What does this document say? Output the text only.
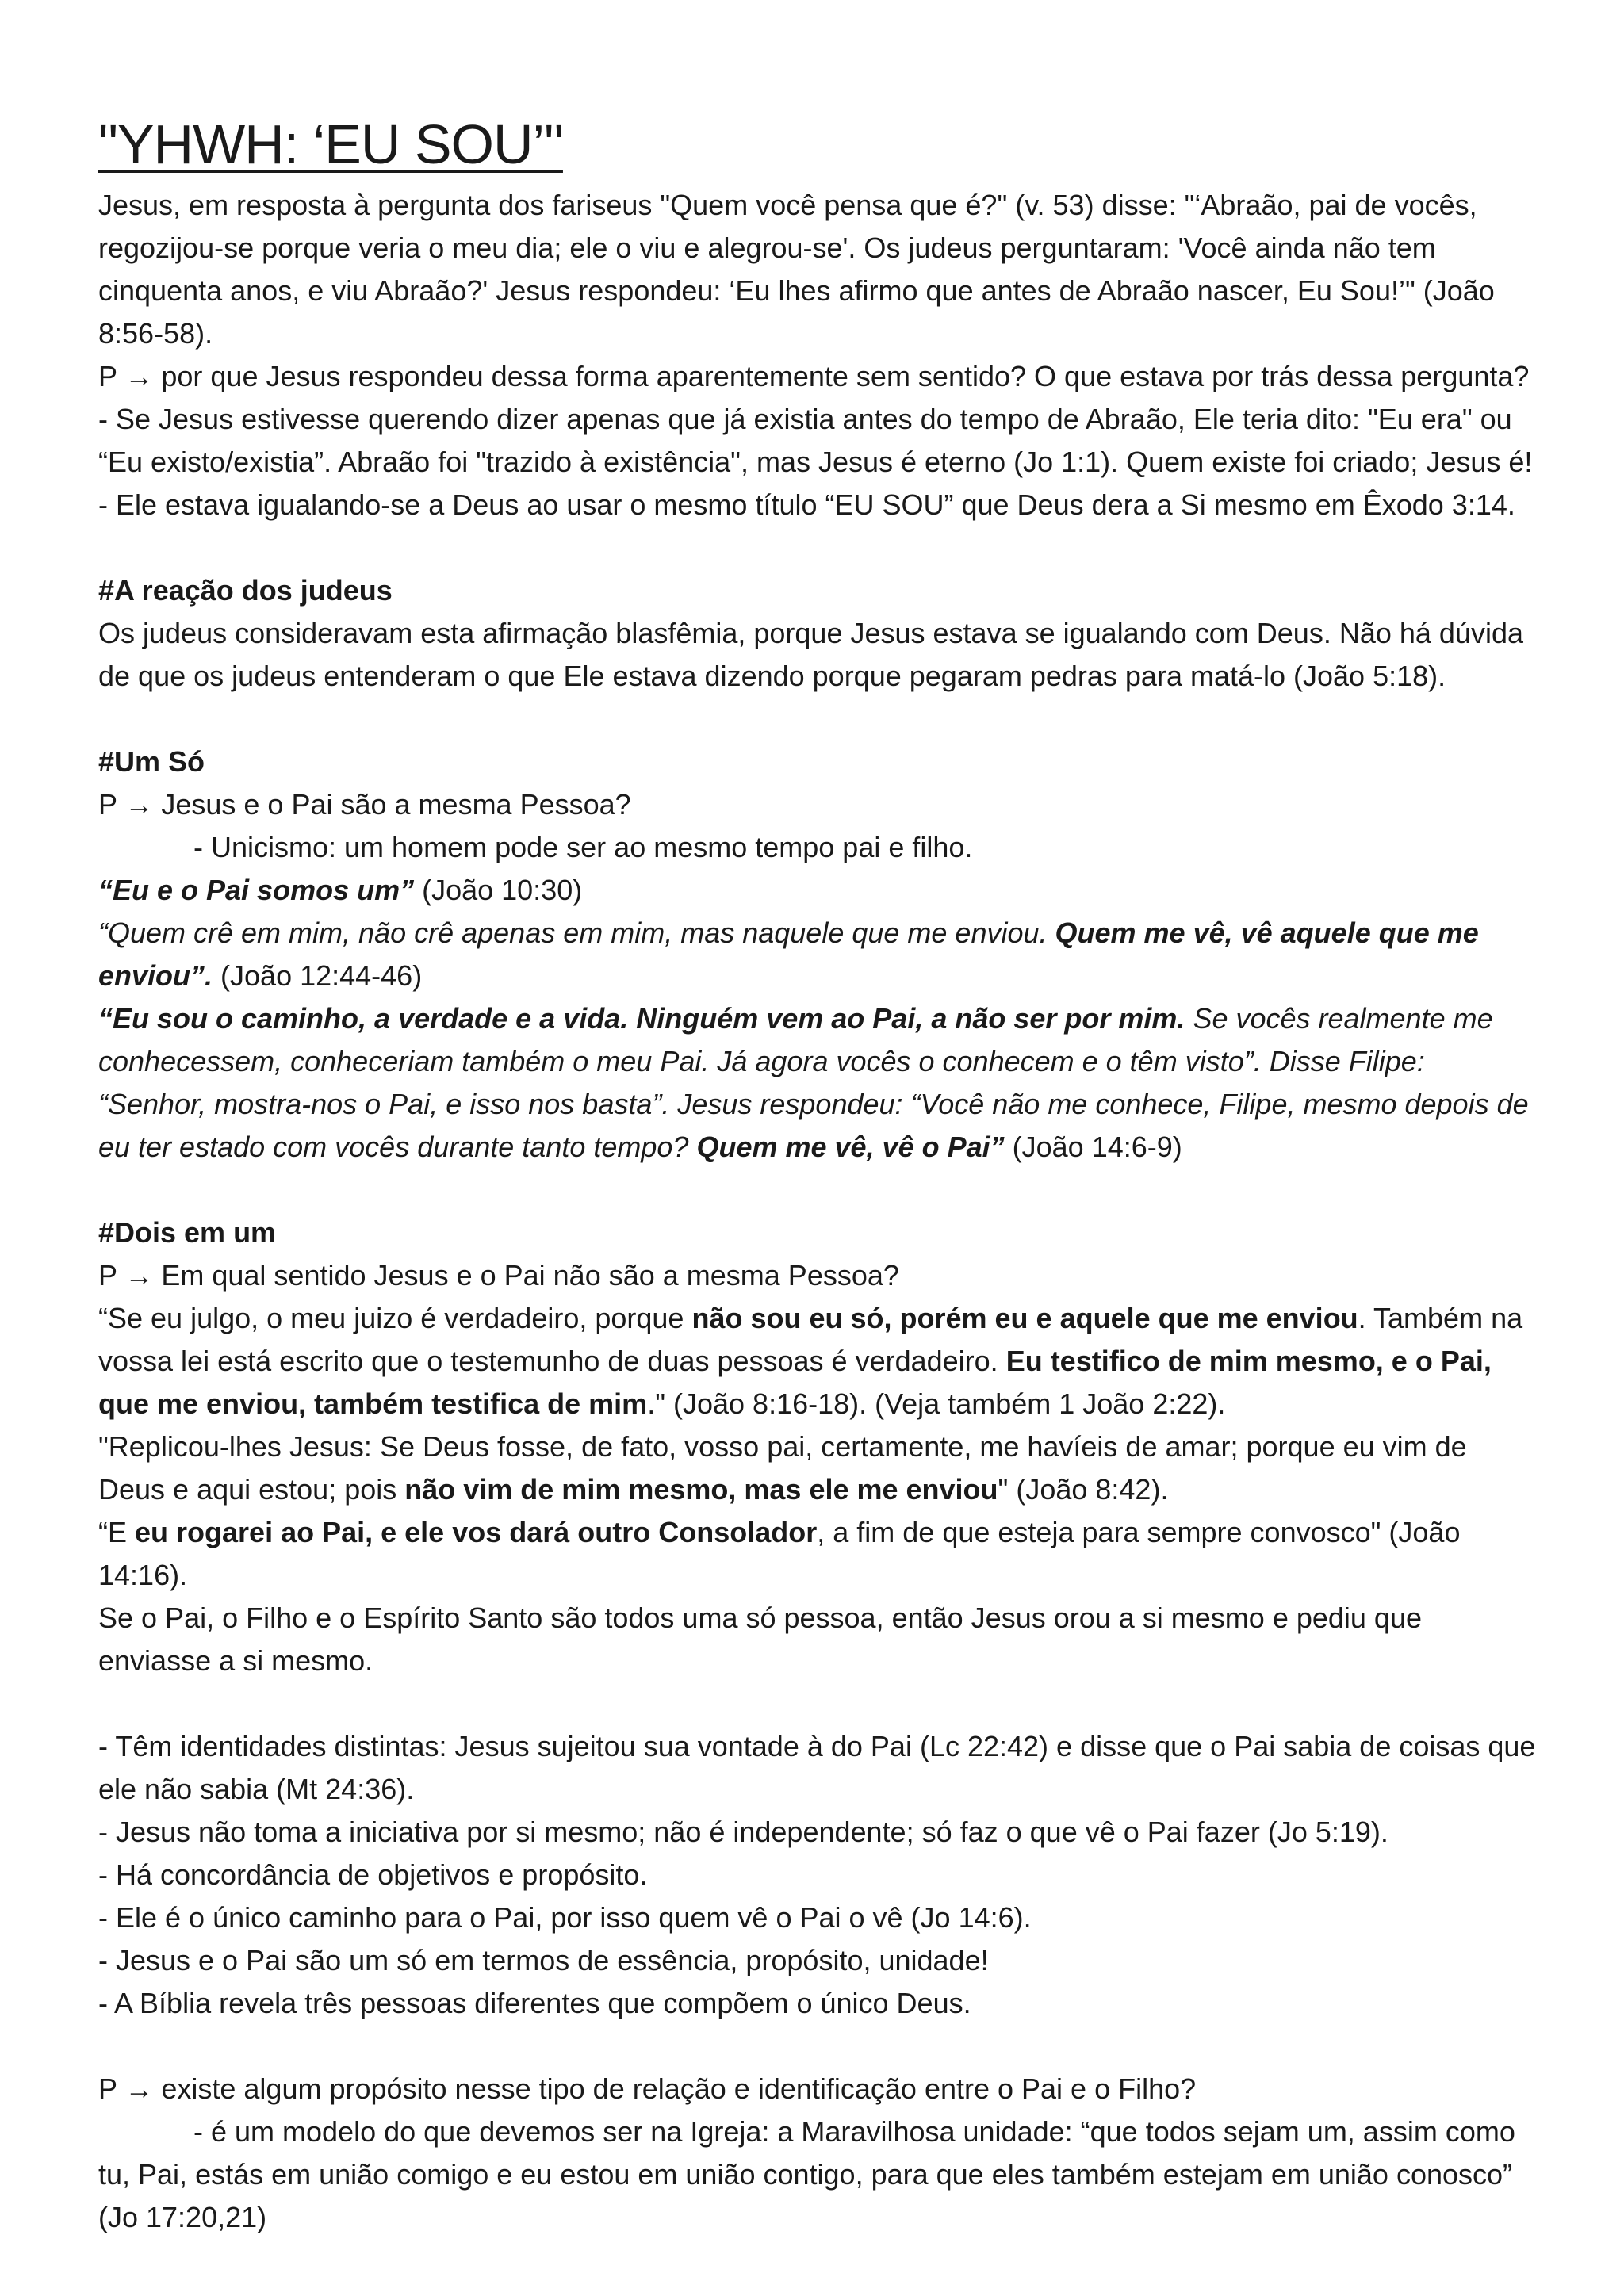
"YHWH: ‘EU SOU’"

Jesus, em resposta à pergunta dos fariseus "Quem você pensa que é?" (v. 53) disse: "‘Abraão, pai de vocês, regozijou-se porque veria o meu dia; ele o viu e alegrou-se'. Os judeus perguntaram: 'Você ainda não tem cinquenta anos, e viu Abraão?' Jesus respondeu: ‘Eu lhes afirmo que antes de Abraão nascer, Eu Sou!’" (João 8:56-58).

P → por que Jesus respondeu dessa forma aparentemente sem sentido? O que estava por trás dessa pergunta?

- Se Jesus estivesse querendo dizer apenas que já existia antes do tempo de Abraão, Ele teria dito: "Eu era" ou “Eu existo/existia”. Abraão foi "trazido à existência", mas Jesus é eterno (Jo 1:1). Quem existe foi criado; Jesus é!

- Ele estava igualando-se a Deus ao usar o mesmo título “EU SOU” que Deus dera a Si mesmo em Êxodo 3:14.

#A reação dos judeus

Os judeus consideravam esta afirmação blasfêmia, porque Jesus estava se igualando com Deus. Não há dúvida de que os judeus entenderam o que Ele estava dizendo porque pegaram pedras para matá-lo (João 5:18).

#Um Só

P → Jesus e o Pai são a mesma Pessoa?

- Unicismo: um homem pode ser ao mesmo tempo pai e filho.

“Eu e o Pai somos um” (João 10:30)

“Quem crê em mim, não crê apenas em mim, mas naquele que me enviou. Quem me vê, vê aquele que me enviou”. (João 12:44-46)

“Eu sou o caminho, a verdade e a vida. Ninguém vem ao Pai, a não ser por mim. Se vocês realmente me conhecessem, conheceriam também o meu Pai. Já agora vocês o conhecem e o têm visto”. Disse Filipe: “Senhor, mostra-nos o Pai, e isso nos basta”. Jesus respondeu: “Você não me conhece, Filipe, mesmo depois de eu ter estado com vocês durante tanto tempo? Quem me vê, vê o Pai” (João 14:6-9)

#Dois em um

P → Em qual sentido Jesus e o Pai não são a mesma Pessoa?

“Se eu julgo, o meu juizo é verdadeiro, porque não sou eu só, porém eu e aquele que me enviou. Também na vossa lei está escrito que o testemunho de duas pessoas é verdadeiro. Eu testifico de mim mesmo, e o Pai, que me enviou, também testifica de mim." (João 8:16-18). (Veja também 1 João 2:22).

"Replicou-lhes Jesus: Se Deus fosse, de fato, vosso pai, certamente, me havíeis de amar; porque eu vim de Deus e aqui estou; pois não vim de mim mesmo, mas ele me enviou" (João 8:42).

“E eu rogarei ao Pai, e ele vos dará outro Consolador, a fim de que esteja para sempre convosco" (João 14:16).

Se o Pai, o Filho e o Espírito Santo são todos uma só pessoa, então Jesus orou a si mesmo e pediu que enviasse a si mesmo.

- Têm identidades distintas: Jesus sujeitou sua vontade à do Pai (Lc 22:42) e disse que o Pai sabia de coisas que ele não sabia (Mt 24:36).

- Jesus não toma a iniciativa por si mesmo; não é independente; só faz o que vê o Pai fazer (Jo 5:19).

- Há concordância de objetivos e propósito.

- Ele é o único caminho para o Pai, por isso quem vê o Pai o vê (Jo 14:6).

- Jesus e o Pai são um só em termos de essência, propósito, unidade!

- A Bíblia revela três pessoas diferentes que compõem o único Deus.

P → existe algum propósito nesse tipo de relação e identificação entre o Pai e o Filho?

- é um modelo do que devemos ser na Igreja: a Maravilhosa unidade: “que todos sejam um, assim como tu, Pai, estás em união comigo e eu estou em união contigo, para que eles também estejam em união conosco” (Jo 17:20,21)
